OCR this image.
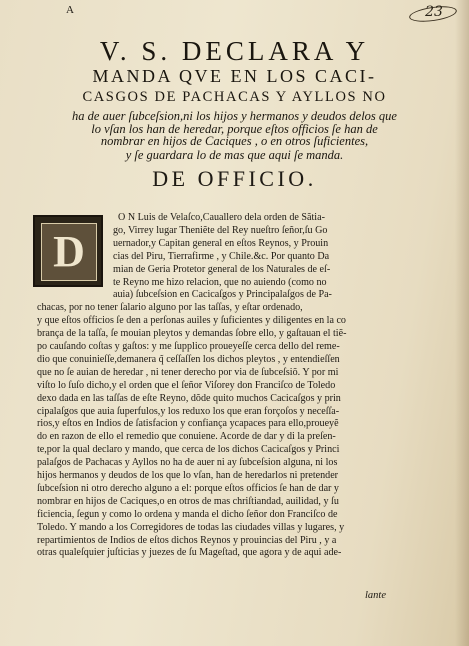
23
A
V. S. DECLARA Y
MANDA QVE EN LOS CACI-
CASGOS DE PACHACAS Y AYLLOS NO
ha de auer ſubceſsion,ni los hijos y hermanos y deudos delos que
lo vſan los han de heredar, porque eſtos officios ſe han de
nombrar en hijos de Caciques , o en otros ſuficientes,
y ſe guardara lo de mas que aqui ſe manda.
DE OFFICIO.
D
O N Luis de Velaſco,Cauallero dela orden de Sãtia-
go, Virrey lugar Theniẽte del Rey nueſtro ſeñor,ſu Go
uernador,y Capitan general en eſtos Reynos, y Prouin
cias del Piru, Tierrafirme , y Chile.&c. Por quanto Da
mian de Geria Protetor general de los Naturales de eſ-
te Reyno me hizo relacion, que no auiendo (como no
auia) ſubceſsion en Cacicaſgos y Principalaſgos de Pa-
chacas, por no tener ſalario alguno por las taſſas, y eſtar ordenado,
y que eſtos officios ſe den a perſonas auiles y ſuficientes y diligentes en la co
brança de la taſſa, ſe mouian pleytos y demandas ſobre ello, y gaſtauan el tiẽ-
po cauſando coſtas y gaſtos: y me ſupplico proueyeſſe cerca dello del reme-
dio que conuinieſſe,demanera q̃ ceſſaſſen los dichos pleytos , y entendieſſen
que no ſe auian de heredar , ni tener derecho por via de ſubceſsiõ. Y por mi
viſto lo ſuſo dicho,y el orden que el ſeñor Viſorey don Franciſco de Toledo
dexo dada en las taſſas de eſte Reyno, dõde quito muchos Cacicaſgos y prin
cipalaſgos que auia ſuperfulos,y los reduxo los que eran forçoſos y neceſſa-
rios,y eſtos en Indios de ſatisfacion y confiança ycapaces para ello,proueyẽ
do en razon de ello el remedio que conuiene. Acorde de dar y di la preſen-
te,por la qual declaro y mando, que cerca de los dichos Cacicaſgos y Princi
palaſgos de Pachacas y Ayllos no ha de auer ni ay ſubceſsion alguna, ni los
hijos hermanos y deudos de los que lo vſan, han de heredarlos ni pretender
ſubceſsion ni otro derecho alguno a el: porque eſtos officios ſe han de dar y
nombrar en hijos de Caciques,o en otros de mas chriſtiandad, auilidad, y ſu
ficiencia, ſegun y como lo ordena y manda el dicho ſeñor don Franciſco de
Toledo. Y mando a los Corregidores de todas las ciudades villas y lugares, y
repartimientos de Indios de eſtos dichos Reynos y prouincias del Piru , y a
otras qualeſquier juſticias y juezes de ſu Mageſtad, que agora y de aqui ade-
lante
